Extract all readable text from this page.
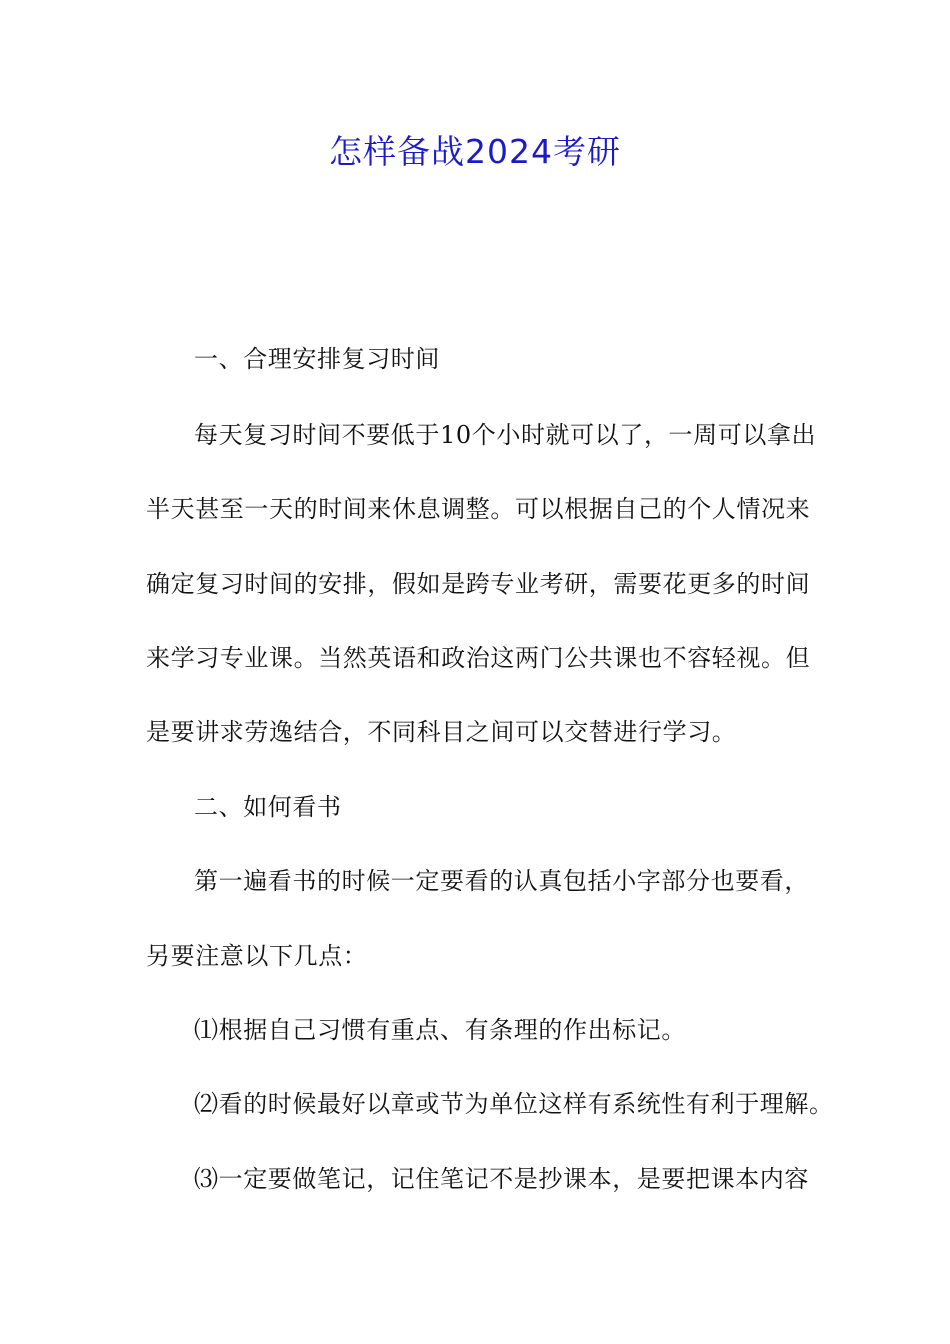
怎样备战2024考研
一、合理安排复习时间
每天复习时间不要低于10个小时就可以了，一周可以拿出
半天甚至一天的时间来休息调整。可以根据自己的个人情况来
确定复习时间的安排，假如是跨专业考研，需要花更多的时间
来学习专业课。当然英语和政治这两门公共课也不容轻视。但
是要讲求劳逸结合，不同科目之间可以交替进行学习。
二、如何看书
第一遍看书的时候一定要看的认真包括小字部分也要看，
另要注意以下几点：
⑴根据自己习惯有重点、有条理的作出标记。
⑵看的时候最好以章或节为单位这样有系统性有利于理解。
⑶一定要做笔记，记住笔记不是抄课本，是要把课本内容
